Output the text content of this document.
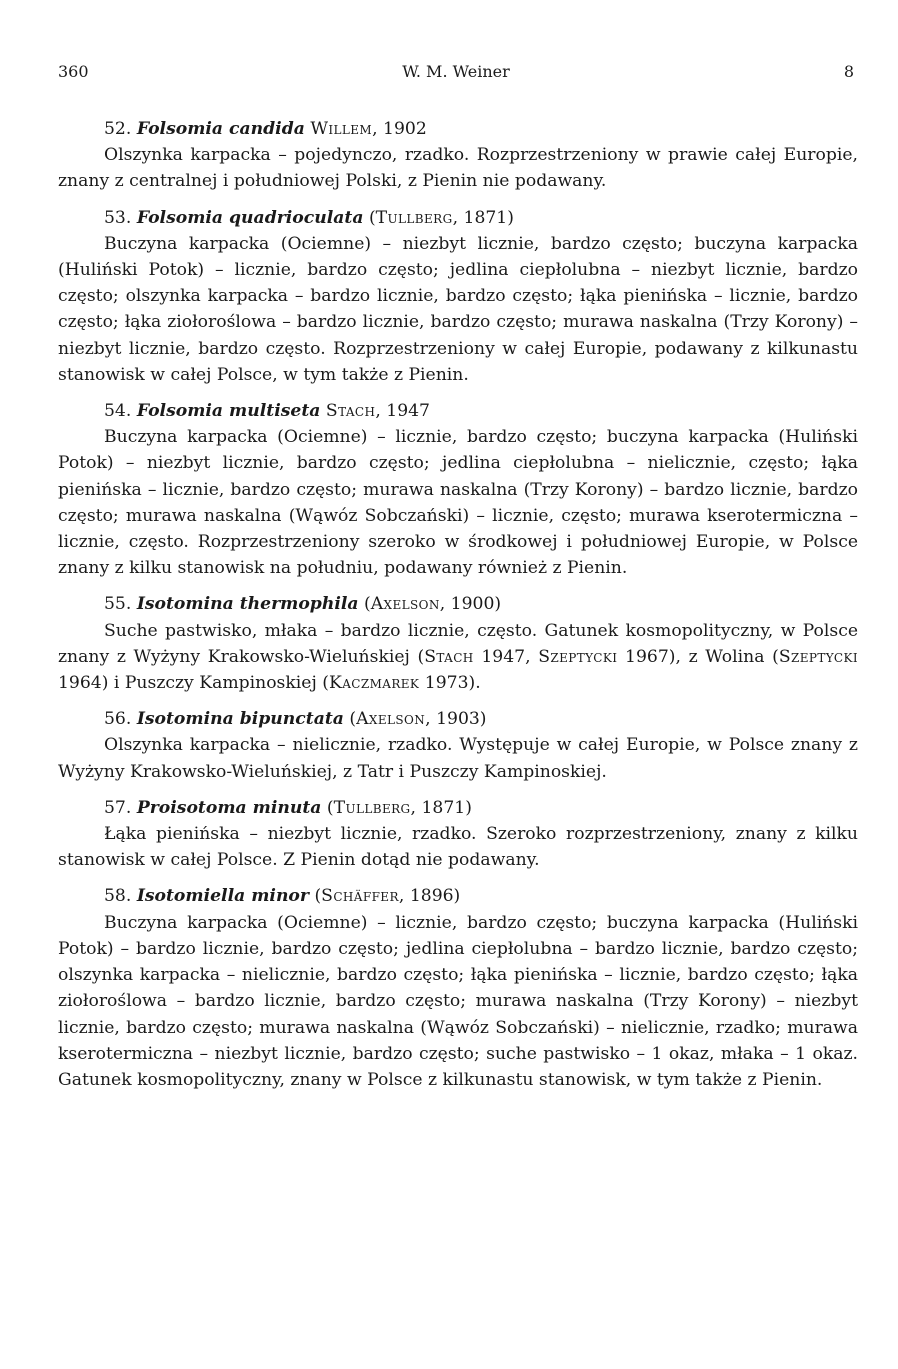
360	W. M. Weiner	8
52. Folsomia candida Willem, 1902
Olszynka karpacka – pojedynczo, rzadko. Rozprzestrzeniony w prawie całej Europie, znany z centralnej i południowej Polski, z Pienin nie podawany.
53. Folsomia quadrioculata (Tullberg, 1871)
Buczyna karpacka (Ociemne) – niezbyt licznie, bardzo często; buczyna karpacka (Huliński Potok) – licznie, bardzo często; jedlina ciepłolubna – niezbyt licznie, bardzo często; olszynka karpacka – bardzo licznie, bardzo często; łąka pienińska – licznie, bardzo często; łąka ziołoroślowa – bardzo licznie, bardzo często; murawa naskalna (Trzy Korony) – niezbyt licznie, bardzo często. Rozprzestrzeniony w całej Europie, podawany z kilkunastu stanowisk w całej Polsce, w tym także z Pienin.
54. Folsomia multiseta Stach, 1947
Buczyna karpacka (Ociemne) – licznie, bardzo często; buczyna karpacka (Huliński Potok) – niezbyt licznie, bardzo często; jedlina ciepłolubna – nielicznie, często; łąka pienińska – licznie, bardzo często; murawa naskalna (Trzy Korony) – bardzo licznie, bardzo często; murawa naskalna (Wąwóz Sobczański) – licznie, często; murawa kserotermiczna – licznie, często. Rozprzestrzeniony szeroko w środkowej i południowej Europie, w Polsce znany z kilku stanowisk na południu, podawany również z Pienin.
55. Isotomina thermophila (Axelson, 1900)
Suche pastwisko, młaka – bardzo licznie, często. Gatunek kosmopolityczny, w Polsce znany z Wyżyny Krakowsko-Wieluńskiej (Stach 1947, Szeptycki 1967), z Wolina (Szeptycki 1964) i Puszczy Kampinoskiej (Kaczmarek 1973).
56. Isotomina bipunctata (Axelson, 1903)
Olszynka karpacka – nielicznie, rzadko. Występuje w całej Europie, w Polsce znany z Wyżyny Krakowsko-Wieluńskiej, z Tatr i Puszczy Kampinoskiej.
57. Proisotoma minuta (Tullberg, 1871)
Łąka pienińska – niezbyt licznie, rzadko. Szeroko rozprzestrzeniony, znany z kilku stanowisk w całej Polsce. Z Pienin dotąd nie podawany.
58. Isotomiella minor (Schäffer, 1896)
Buczyna karpacka (Ociemne) – licznie, bardzo często; buczyna karpacka (Huliński Potok) – bardzo licznie, bardzo często; jedlina ciepłolubna – bardzo licznie, bardzo często; olszynka karpacka – nielicznie, bardzo często; łąka pienińska – licznie, bardzo często; łąka ziołoroślowa – bardzo licznie, bardzo często; murawa naskalna (Trzy Korony) – niezbyt licznie, bardzo często; murawa naskalna (Wąwóz Sobczański) – nielicznie, rzadko; murawa kserotermiczna – niezbyt licznie, bardzo często; suche pastwisko – 1 okaz, młaka – 1 okaz. Gatunek kosmopolityczny, znany w Polsce z kilkunastu stanowisk, w tym także z Pienin.
